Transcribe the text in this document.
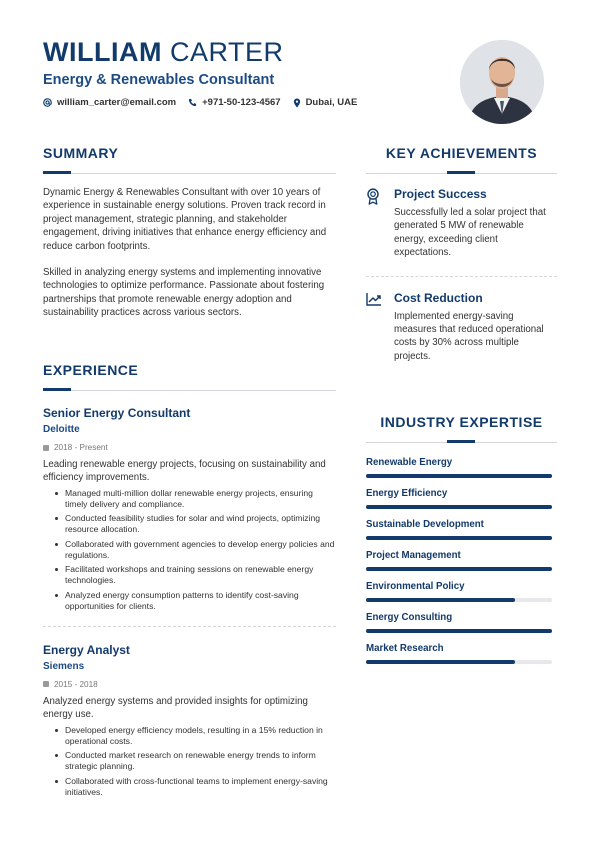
WILLIAM CARTER
Energy & Renewables Consultant
william_carter@email.com	+971-50-123-4567	Dubai, UAE
SUMMARY

Dynamic Energy & Renewables Consultant with over 10 years of experience in sustainable energy solutions. Proven track record in project management, strategic planning, and stakeholder engagement, driving initiatives that enhance energy efficiency and reduce carbon footprints.

Skilled in analyzing energy systems and implementing innovative technologies to optimize performance. Passionate about fostering partnerships that promote renewable energy adoption and sustainability practices across various sectors.

EXPERIENCE
Senior Energy Consultant
Deloitte
2018 - Present

Leading renewable energy projects, focusing on sustainability and efficiency improvements.

Managed multi-million dollar renewable energy projects, ensuring timely delivery and compliance.
Conducted feasibility studies for solar and wind projects, optimizing resource allocation.
Collaborated with government agencies to develop energy policies and regulations.
Facilitated workshops and training sessions on renewable energy technologies.
Analyzed energy consumption patterns to identify cost-saving opportunities for clients.
Energy Analyst
Siemens
2015 - 2018

Analyzed energy systems and provided insights for optimizing energy use.

Developed energy efficiency models, resulting in a 15% reduction in operational costs.
Conducted market research on renewable energy trends to inform strategic planning.
Collaborated with cross-functional teams to implement energy-saving initiatives.
KEY ACHIEVEMENTS
Project Success

Successfully led a solar project that generated 5 MW of renewable energy, exceeding client expectations.

Cost Reduction

Implemented energy-saving measures that reduced operational costs by 30% across multiple projects.

INDUSTRY EXPERTISE
Renewable Energy
Energy Efficiency
Sustainable Development
Project Management
Environmental Policy
Energy Consulting
Market Research
